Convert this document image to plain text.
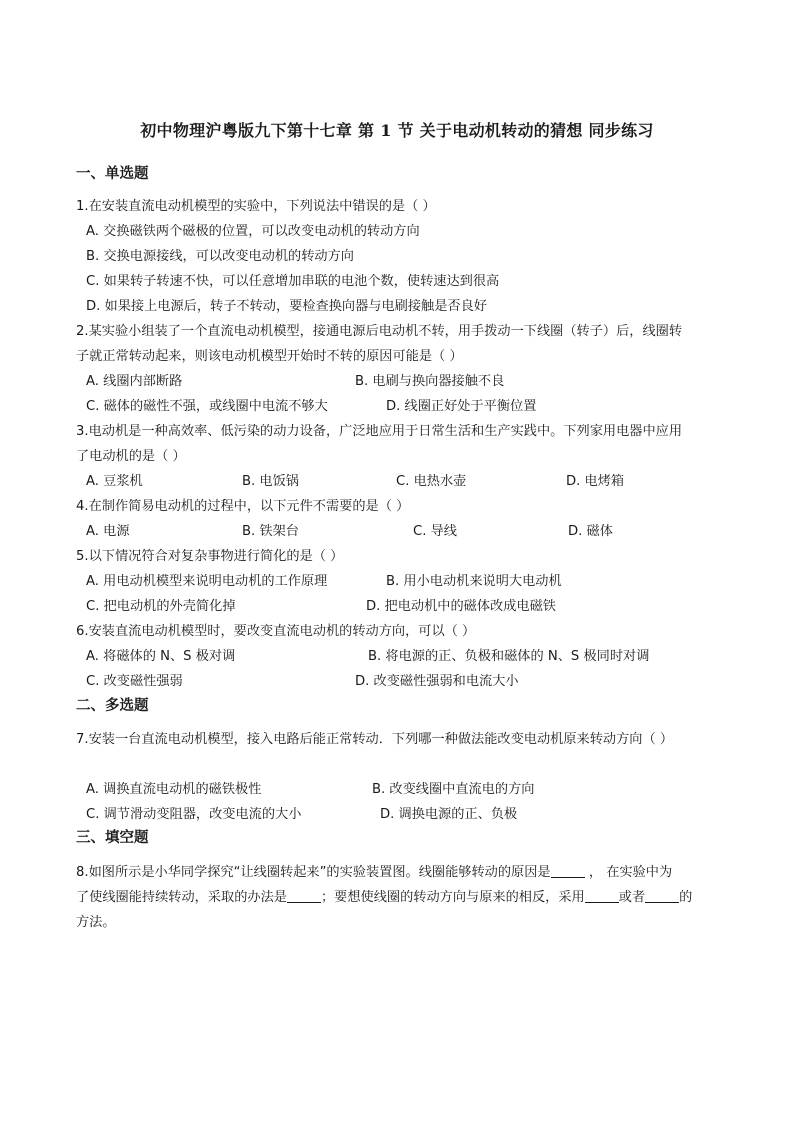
初中物理沪粤版九下第十七章 第 1 节 关于电动机转动的猜想 同步练习
一、单选题
1.在安装直流电动机模型的实验中，下列说法中错误的是（ ）
A. 交换磁铁两个磁极的位置，可以改变电动机的转动方向
B. 交换电源接线，可以改变电动机的转动方向
C. 如果转子转速不快，可以任意增加串联的电池个数，使转速达到很高
D. 如果接上电源后，转子不转动，要检查换向器与电刷接触是否良好
2.某实验小组装了一个直流电动机模型，接通电源后电动机不转，用手拨动一下线圈（转子）后，线圈转
子就正常转动起来，则该电动机模型开始时不转的原因可能是（ ）
A. 线圈内部断路	B. 电刷与换向器接触不良
C. 磁体的磁性不强，或线圈中电流不够大	D. 线圈正好处于平衡位置
3.电动机是一种高效率、低污染的动力设备，广泛地应用于日常生活和生产实践中。下列家用电器中应用
了电动机的是（ ）
A. 豆浆机	B. 电饭锅	C. 电热水壶	D. 电烤箱
4.在制作简易电动机的过程中，以下元件不需要的是（ ）
A. 电源	B. 铁架台	C. 导线	D. 磁体
5.以下情况符合对复杂事物进行简化的是（ ）
A. 用电动机模型来说明电动机的工作原理	B. 用小电动机来说明大电动机
C. 把电动机的外壳简化掉	D. 把电动机中的磁体改成电磁铁
6.安装直流电动机模型时，要改变直流电动机的转动方向，可以（ ）
A. 将磁体的 N、S 极对调	B. 将电源的正、负极和磁体的 N、S 极同时对调
C. 改变磁性强弱	D. 改变磁性强弱和电流大小
二、多选题
7.安装一台直流电动机模型，接入电路后能正常转动．下列哪一种做法能改变电动机原来转动方向（ ）
A. 调换直流电动机的磁铁极性	B. 改变线圈中直流电的方向
C. 调节滑动变阻器，改变电流的大小	D. 调换电源的正、负极
三、填空题
8.如图所示是小华同学探究“让线圈转起来”的实验装置图。线圈能够转动的原因是	， 在实验中为
了使线圈能持续转动，采取的办法是	；要想使线圈的转动方向与原来的相反，采用	或者	的
方法。
